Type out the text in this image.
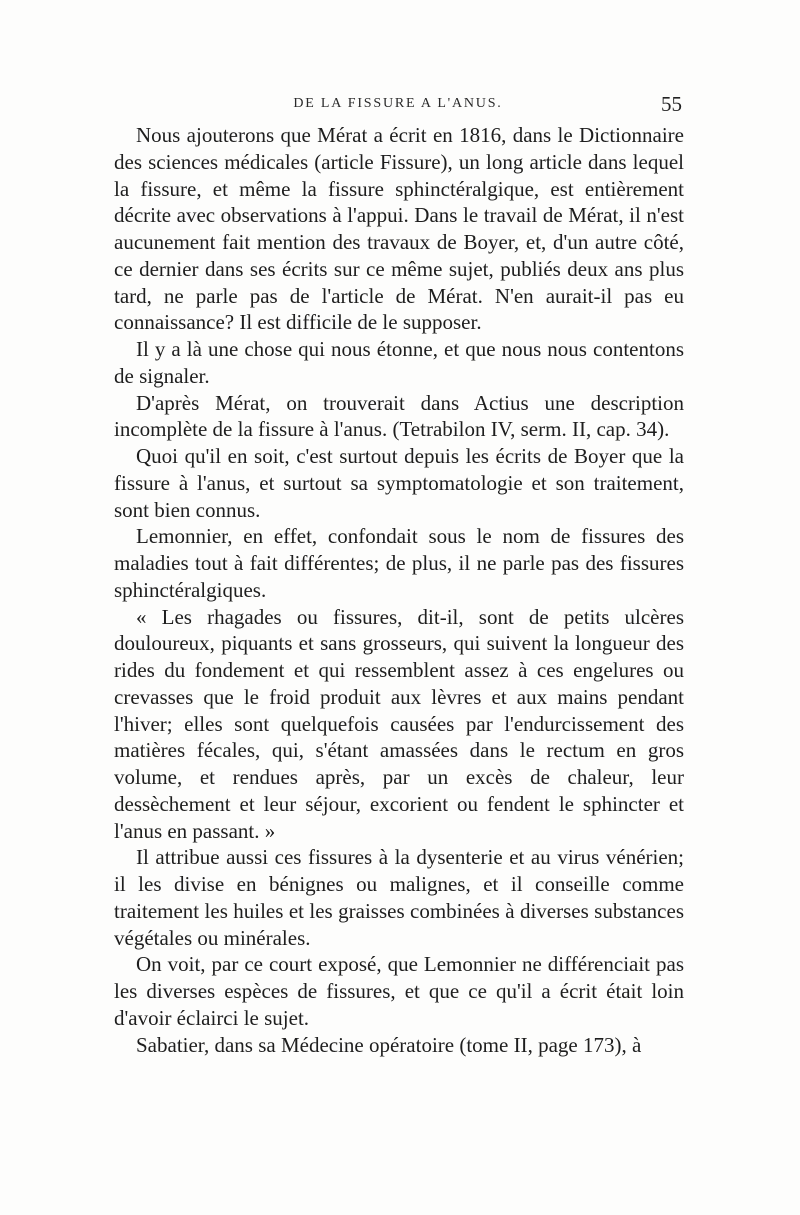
DE LA FISSURE A L'ANUS.	55

Nous ajouterons que Mérat a écrit en 1816, dans le Dictionnaire des sciences médicales (article Fissure), un long article dans lequel la fissure, et même la fissure sphinctéralgique, est entièrement décrite avec observations à l'appui. Dans le travail de Mérat, il n'est aucunement fait mention des travaux de Boyer, et, d'un autre côté, ce dernier dans ses écrits sur ce même sujet, publiés deux ans plus tard, ne parle pas de l'article de Mérat. N'en aurait-il pas eu connaissance? Il est difficile de le supposer.

Il y a là une chose qui nous étonne, et que nous nous contentons de signaler.

D'après Mérat, on trouverait dans Actius une description incomplète de la fissure à l'anus. (Tetrabilon IV, serm. II, cap. 34).

Quoi qu'il en soit, c'est surtout depuis les écrits de Boyer que la fissure à l'anus, et surtout sa symptomatologie et son traitement, sont bien connus.

Lemonnier, en effet, confondait sous le nom de fissures des maladies tout à fait différentes; de plus, il ne parle pas des fissures sphinctéralgiques.

« Les rhagades ou fissures, dit-il, sont de petits ulcères douloureux, piquants et sans grosseurs, qui suivent la longueur des rides du fondement et qui ressemblent assez à ces engelures ou crevasses que le froid produit aux lèvres et aux mains pendant l'hiver; elles sont quelquefois causées par l'endurcissement des matières fécales, qui, s'étant amassées dans le rectum en gros volume, et rendues après, par un excès de chaleur, leur dessèchement et leur séjour, excorient ou fendent le sphincter et l'anus en passant. »

Il attribue aussi ces fissures à la dysenterie et au virus vénérien; il les divise en bénignes ou malignes, et il conseille comme traitement les huiles et les graisses combinées à diverses substances végétales ou minérales.

On voit, par ce court exposé, que Lemonnier ne différenciait pas les diverses espèces de fissures, et que ce qu'il a écrit était loin d'avoir éclairci le sujet.

Sabatier, dans sa Médecine opératoire (tome II, page 173), à
